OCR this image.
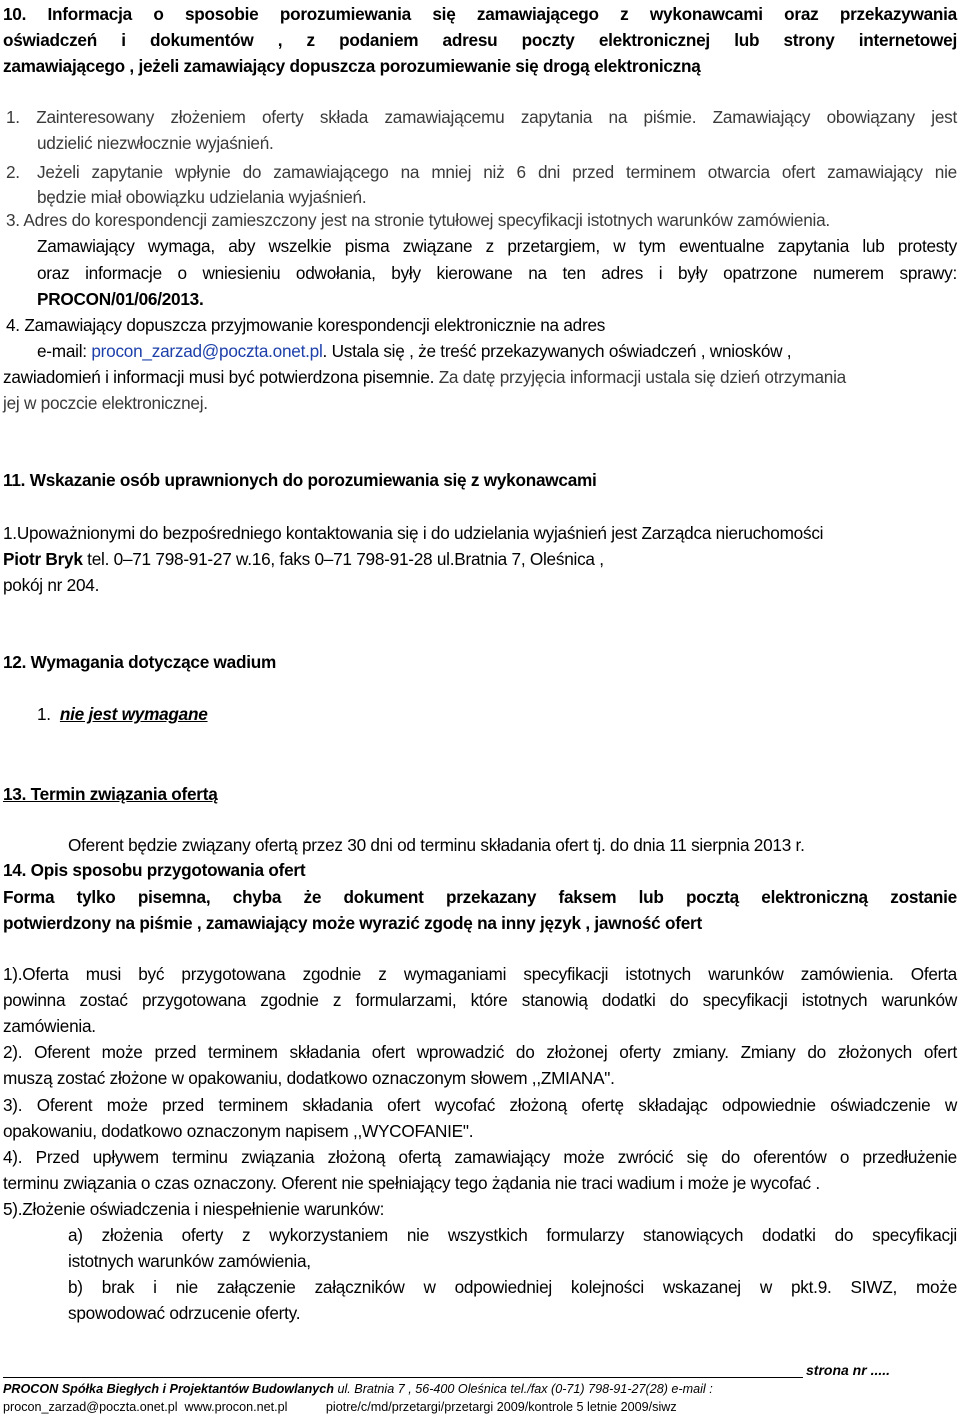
10. Informacja o sposobie porozumiewania się zamawiającego z wykonawcami oraz przekazywania
oświadczeń i dokumentów , z podaniem adresu poczty elektronicznej lub strony internetowej
zamawiającego , jeżeli zamawiający dopuszcza porozumiewanie się drogą elektroniczną
1. Zainteresowany złożeniem oferty składa zamawiającemu zapytania na piśmie. Zamawiający obowiązany jest
udzielić niezwłocznie wyjaśnień.
2. Jeżeli zapytanie wpłynie do zamawiającego na mniej niż 6 dni przed terminem otwarcia ofert zamawiający nie
będzie miał obowiązku udzielania wyjaśnień.
3. Adres do korespondencji zamieszczony jest na stronie tytułowej specyfikacji istotnych warunków zamówienia.
Zamawiający wymaga, aby wszelkie pisma związane z przetargiem, w tym ewentualne zapytania lub protesty
oraz informacje o wniesieniu odwołania, były kierowane na ten adres i były opatrzone numerem sprawy:
PROCON/01/06/2013.
4. Zamawiający dopuszcza przyjmowanie korespondencji elektronicznie na adres
e-mail: procon_zarzad@poczta.onet.pl. Ustala się , że treść przekazywanych oświadczeń , wniosków ,
zawiadomień i informacji musi być potwierdzona pisemnie. Za datę przyjęcia informacji ustala się dzień otrzymania
jej w poczcie elektronicznej.
11. Wskazanie osób uprawnionych do porozumiewania się z wykonawcami
1.Upoważnionymi do bezpośredniego kontaktowania się i do udzielania wyjaśnień jest Zarządca nieruchomości
Piotr Bryk tel. 0–71 798-91-27 w.16, faks 0–71 798-91-28 ul.Bratnia 7, Oleśnica ,
pokój nr 204.
12. Wymagania dotyczące wadium
1. nie jest wymagane
13. Termin związania ofertą
Oferent będzie związany ofertą przez 30 dni od terminu składania ofert tj. do dnia 11 sierpnia 2013 r.
14. Opis sposobu przygotowania ofert
Forma tylko pisemna, chyba że dokument przekazany faksem lub pocztą elektroniczną zostanie
potwierdzony na piśmie , zamawiający może wyrazić zgodę na inny język , jawność ofert
1).Oferta musi być przygotowana zgodnie z wymaganiami specyfikacji istotnych warunków zamówienia. Oferta
powinna zostać przygotowana zgodnie z formularzami, które stanowią dodatki do specyfikacji istotnych warunków
zamówienia.
2). Oferent może przed terminem składania ofert wprowadzić do złożonej oferty zmiany. Zmiany do złożonych ofert
muszą zostać złożone w opakowaniu, dodatkowo oznaczonym słowem ,,ZMIANA".
3). Oferent może przed terminem składania ofert wycofać złożoną ofertę składając odpowiednie oświadczenie w
opakowaniu, dodatkowo oznaczonym napisem ,,WYCOFANIE".
4). Przed upływem terminu związania złożoną ofertą zamawiający może zwrócić się do oferentów o przedłużenie
terminu związania o czas oznaczony. Oferent nie spełniający tego żądania nie traci wadium i może je wycofać .
5).Złożenie oświadczenia i niespełnienie warunków:
a) złożenia oferty z wykorzystaniem nie wszystkich formularzy stanowiących dodatki do specyfikacji
istotnych warunków zamówienia,
b) brak i nie załączenie załączników w odpowiedniej kolejności wskazanej w pkt.9. SIWZ, może
spowodować odrzucenie oferty.
strona nr .....
PROCON Spółka Biegłych i Projektantów Budowlanych ul. Bratnia 7 , 56-400 Oleśnica tel./fax (0-71) 798-91-27(28) e-mail :
procon_zarzad@poczta.onet.pl www.procon.net.pl	piotre/c/md/przetargi/przetargi 2009/kontrole 5 letnie 2009/siwz
